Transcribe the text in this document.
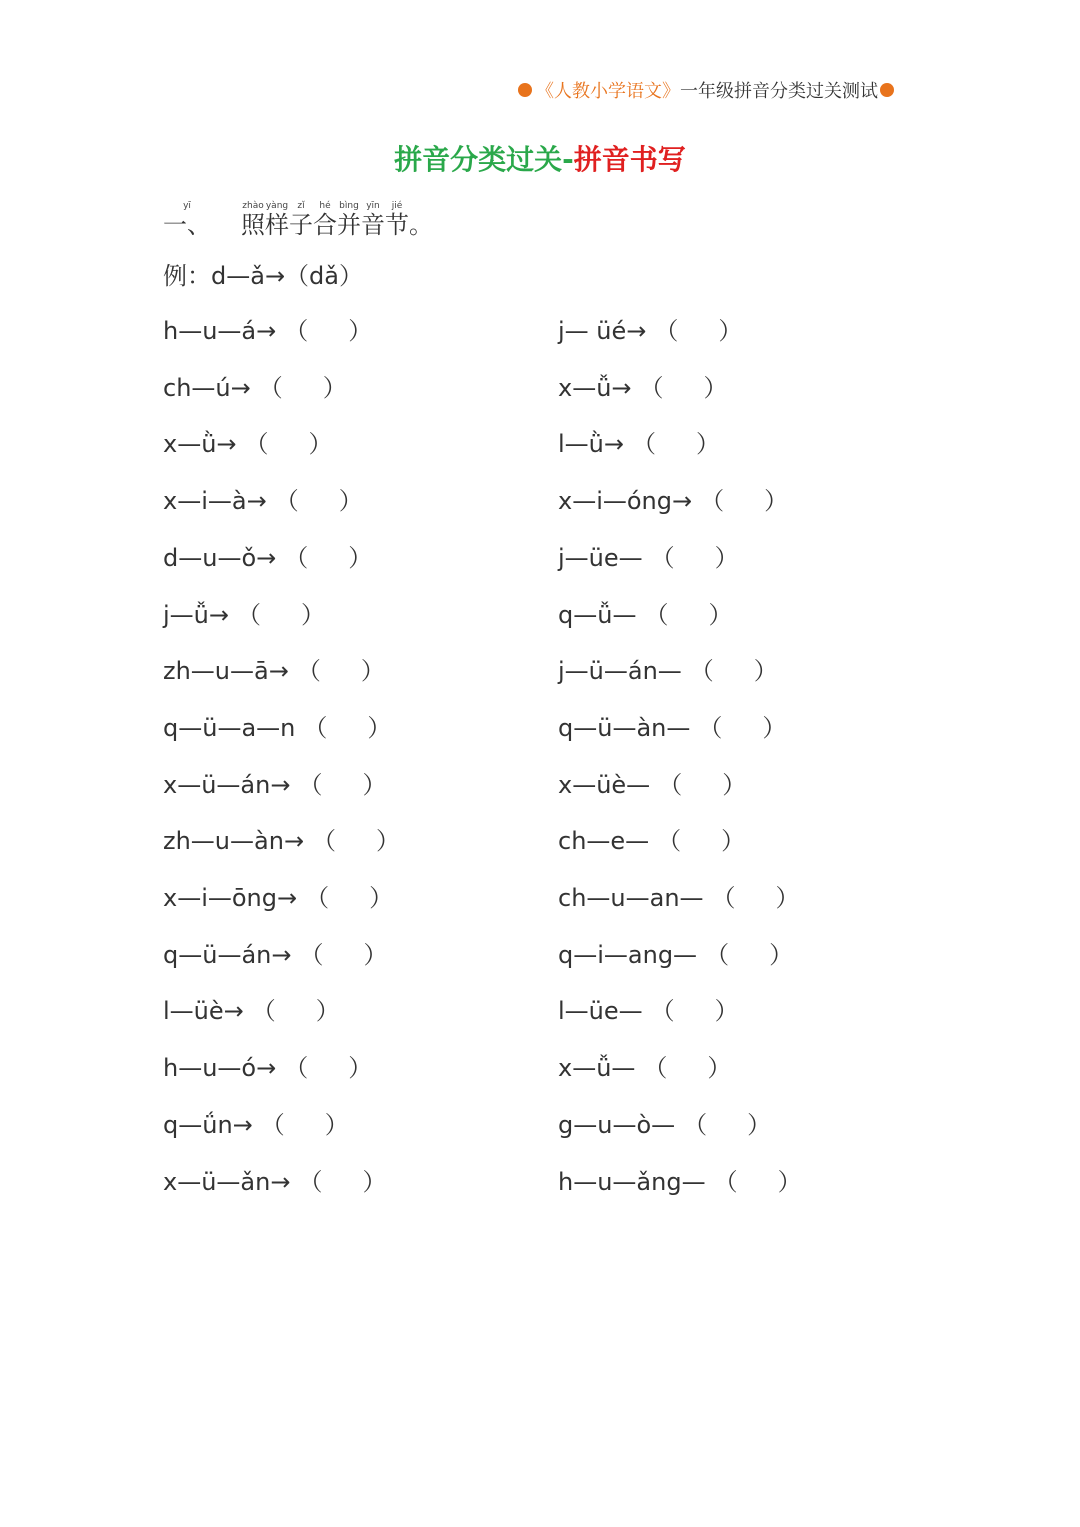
《人教小学语文》 一年级拼音分类过关测试
拼音分类过关-拼音书写
一、yī
照zhào样yàng子zǐ合hé并bìng音yīn节jié。
例：d—ǎ→（dǎ）
h—u—á→ （ ）
ch—ú→ （ ）
x—ǜ→ （ ）
x—i—à→ （ ）
d—u—ǒ→ （ ）
j—ǚ→ （ ）
zh—u—ā→ （ ）
q—ü—a—n （ ）
x—ü—án→ （ ）
zh—u—àn→ （ ）
x—i—ōng→ （ ）
q—ü—án→ （ ）
l—üè→ （ ）
h—u—ó→ （ ）
q—ǘn→ （ ）
x—ü—ǎn→ （ ）
j— üé→ （ ）
x—ǚ→ （ ）
l—ǜ→ （ ）
x—i—óng→ （ ）
j—üe— （ ）
q—ǚ— （ ）
j—ü—án— （ ）
q—ü—àn— （ ）
x—üè— （ ）
ch—e— （ ）
ch—u—an— （ ）
q—i—ang— （ ）
l—üe— （ ）
x—ǚ— （ ）
g—u—ò— （ ）
h—u—ǎng— （ ）
